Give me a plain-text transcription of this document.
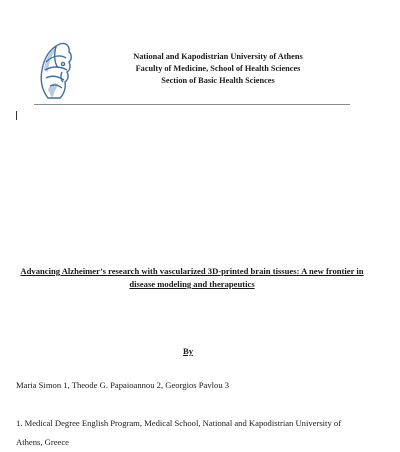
National and Kapodistrian University of Athens
Faculty of Medicine, School of Health Sciences
Section of Basic Health Sciences
Advancing Alzheimer’s research with vascularized 3D-printed brain tissues: A new frontier in disease modeling and therapeutics
By
Maria Simon 1, Theode G. Papaioannou 2, Georgios Pavlou 3
1. Medical Degree English Program, Medical School, National and Kapodistrian University of Athens, Greece
